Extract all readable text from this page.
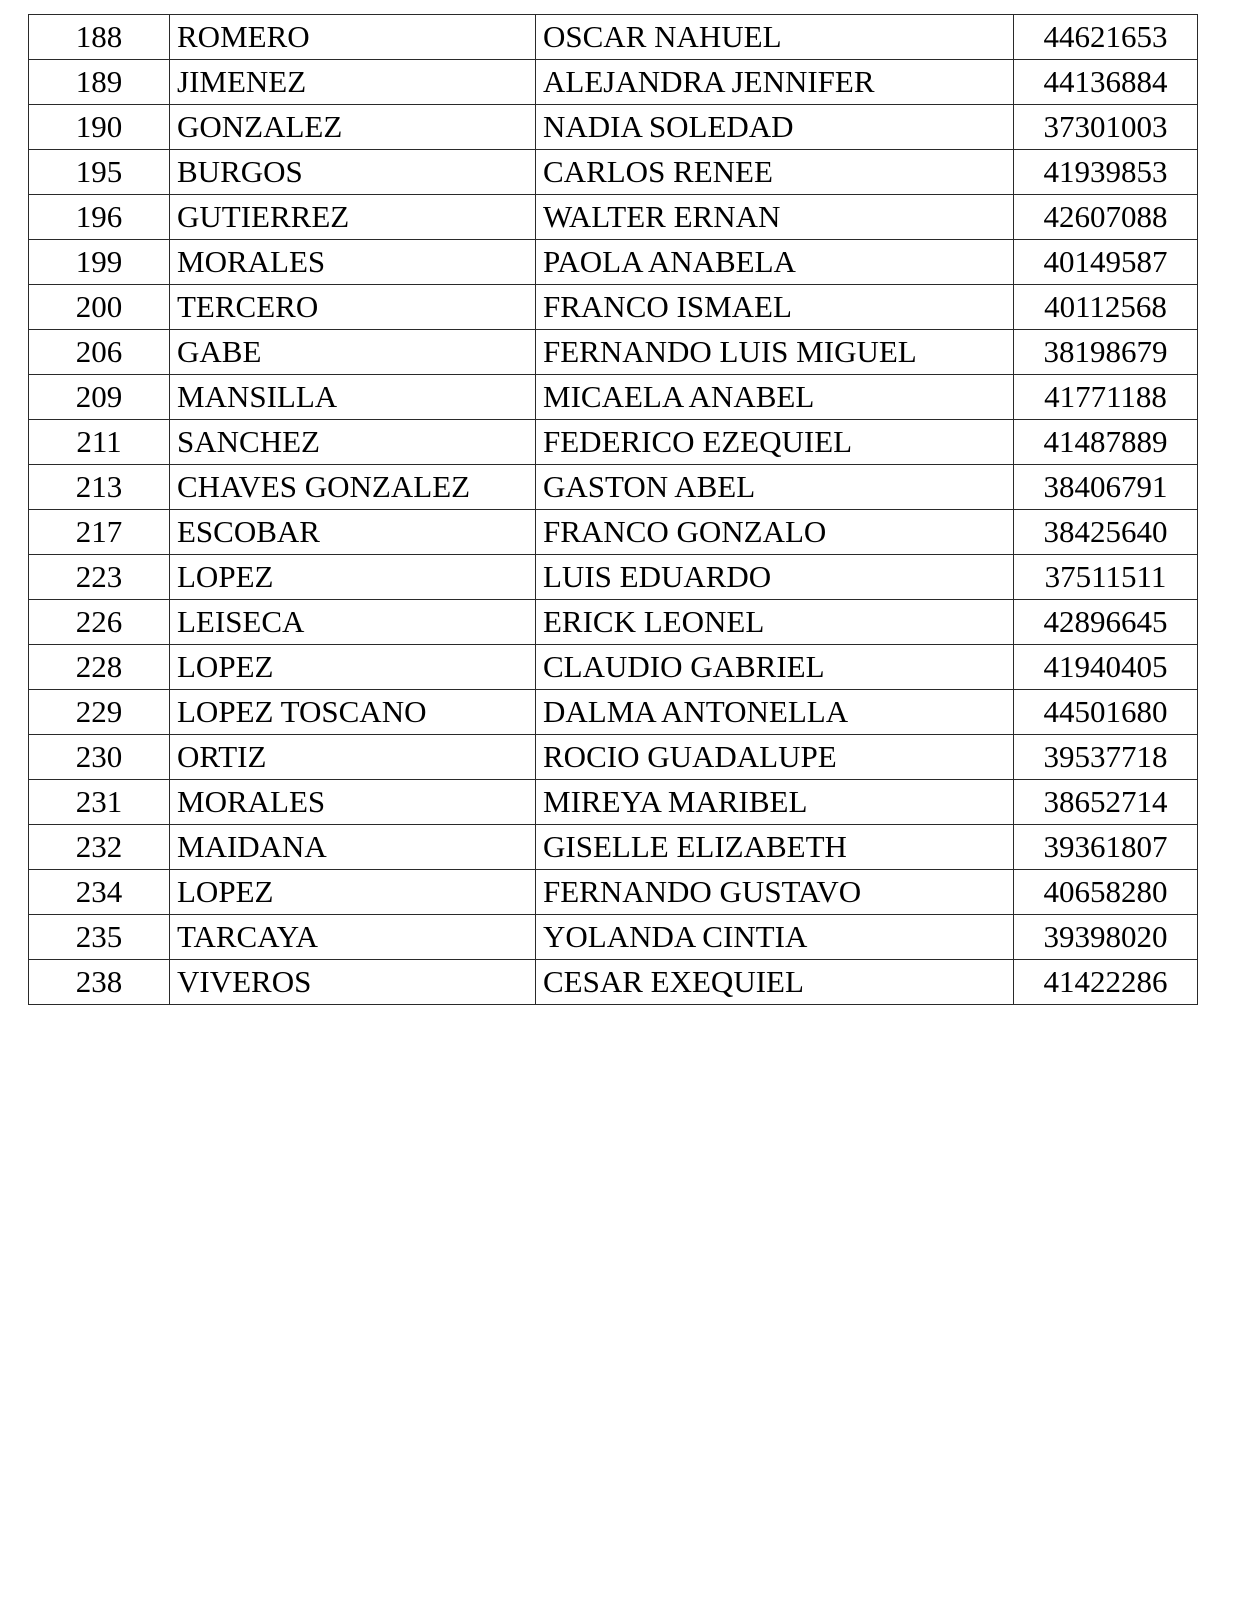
188	ROMERO	OSCAR NAHUEL	44621653
189	JIMENEZ	ALEJANDRA JENNIFER	44136884
190	GONZALEZ	NADIA SOLEDAD	37301003
195	BURGOS	CARLOS RENEE	41939853
196	GUTIERREZ	WALTER ERNAN	42607088
199	MORALES	PAOLA ANABELA	40149587
200	TERCERO	FRANCO ISMAEL	40112568
206	GABE	FERNANDO LUIS MIGUEL	38198679
209	MANSILLA	MICAELA ANABEL	41771188
211	SANCHEZ	FEDERICO EZEQUIEL	41487889
213	CHAVES GONZALEZ	GASTON ABEL	38406791
217	ESCOBAR	FRANCO GONZALO	38425640
223	LOPEZ	LUIS EDUARDO	37511511
226	LEISECA	ERICK LEONEL	42896645
228	LOPEZ	CLAUDIO GABRIEL	41940405
229	LOPEZ TOSCANO	DALMA ANTONELLA	44501680
230	ORTIZ	ROCIO GUADALUPE	39537718
231	MORALES	MIREYA MARIBEL	38652714
232	MAIDANA	GISELLE ELIZABETH	39361807
234	LOPEZ	FERNANDO GUSTAVO	40658280
235	TARCAYA	YOLANDA CINTIA	39398020
238	VIVEROS	CESAR EXEQUIEL	41422286
